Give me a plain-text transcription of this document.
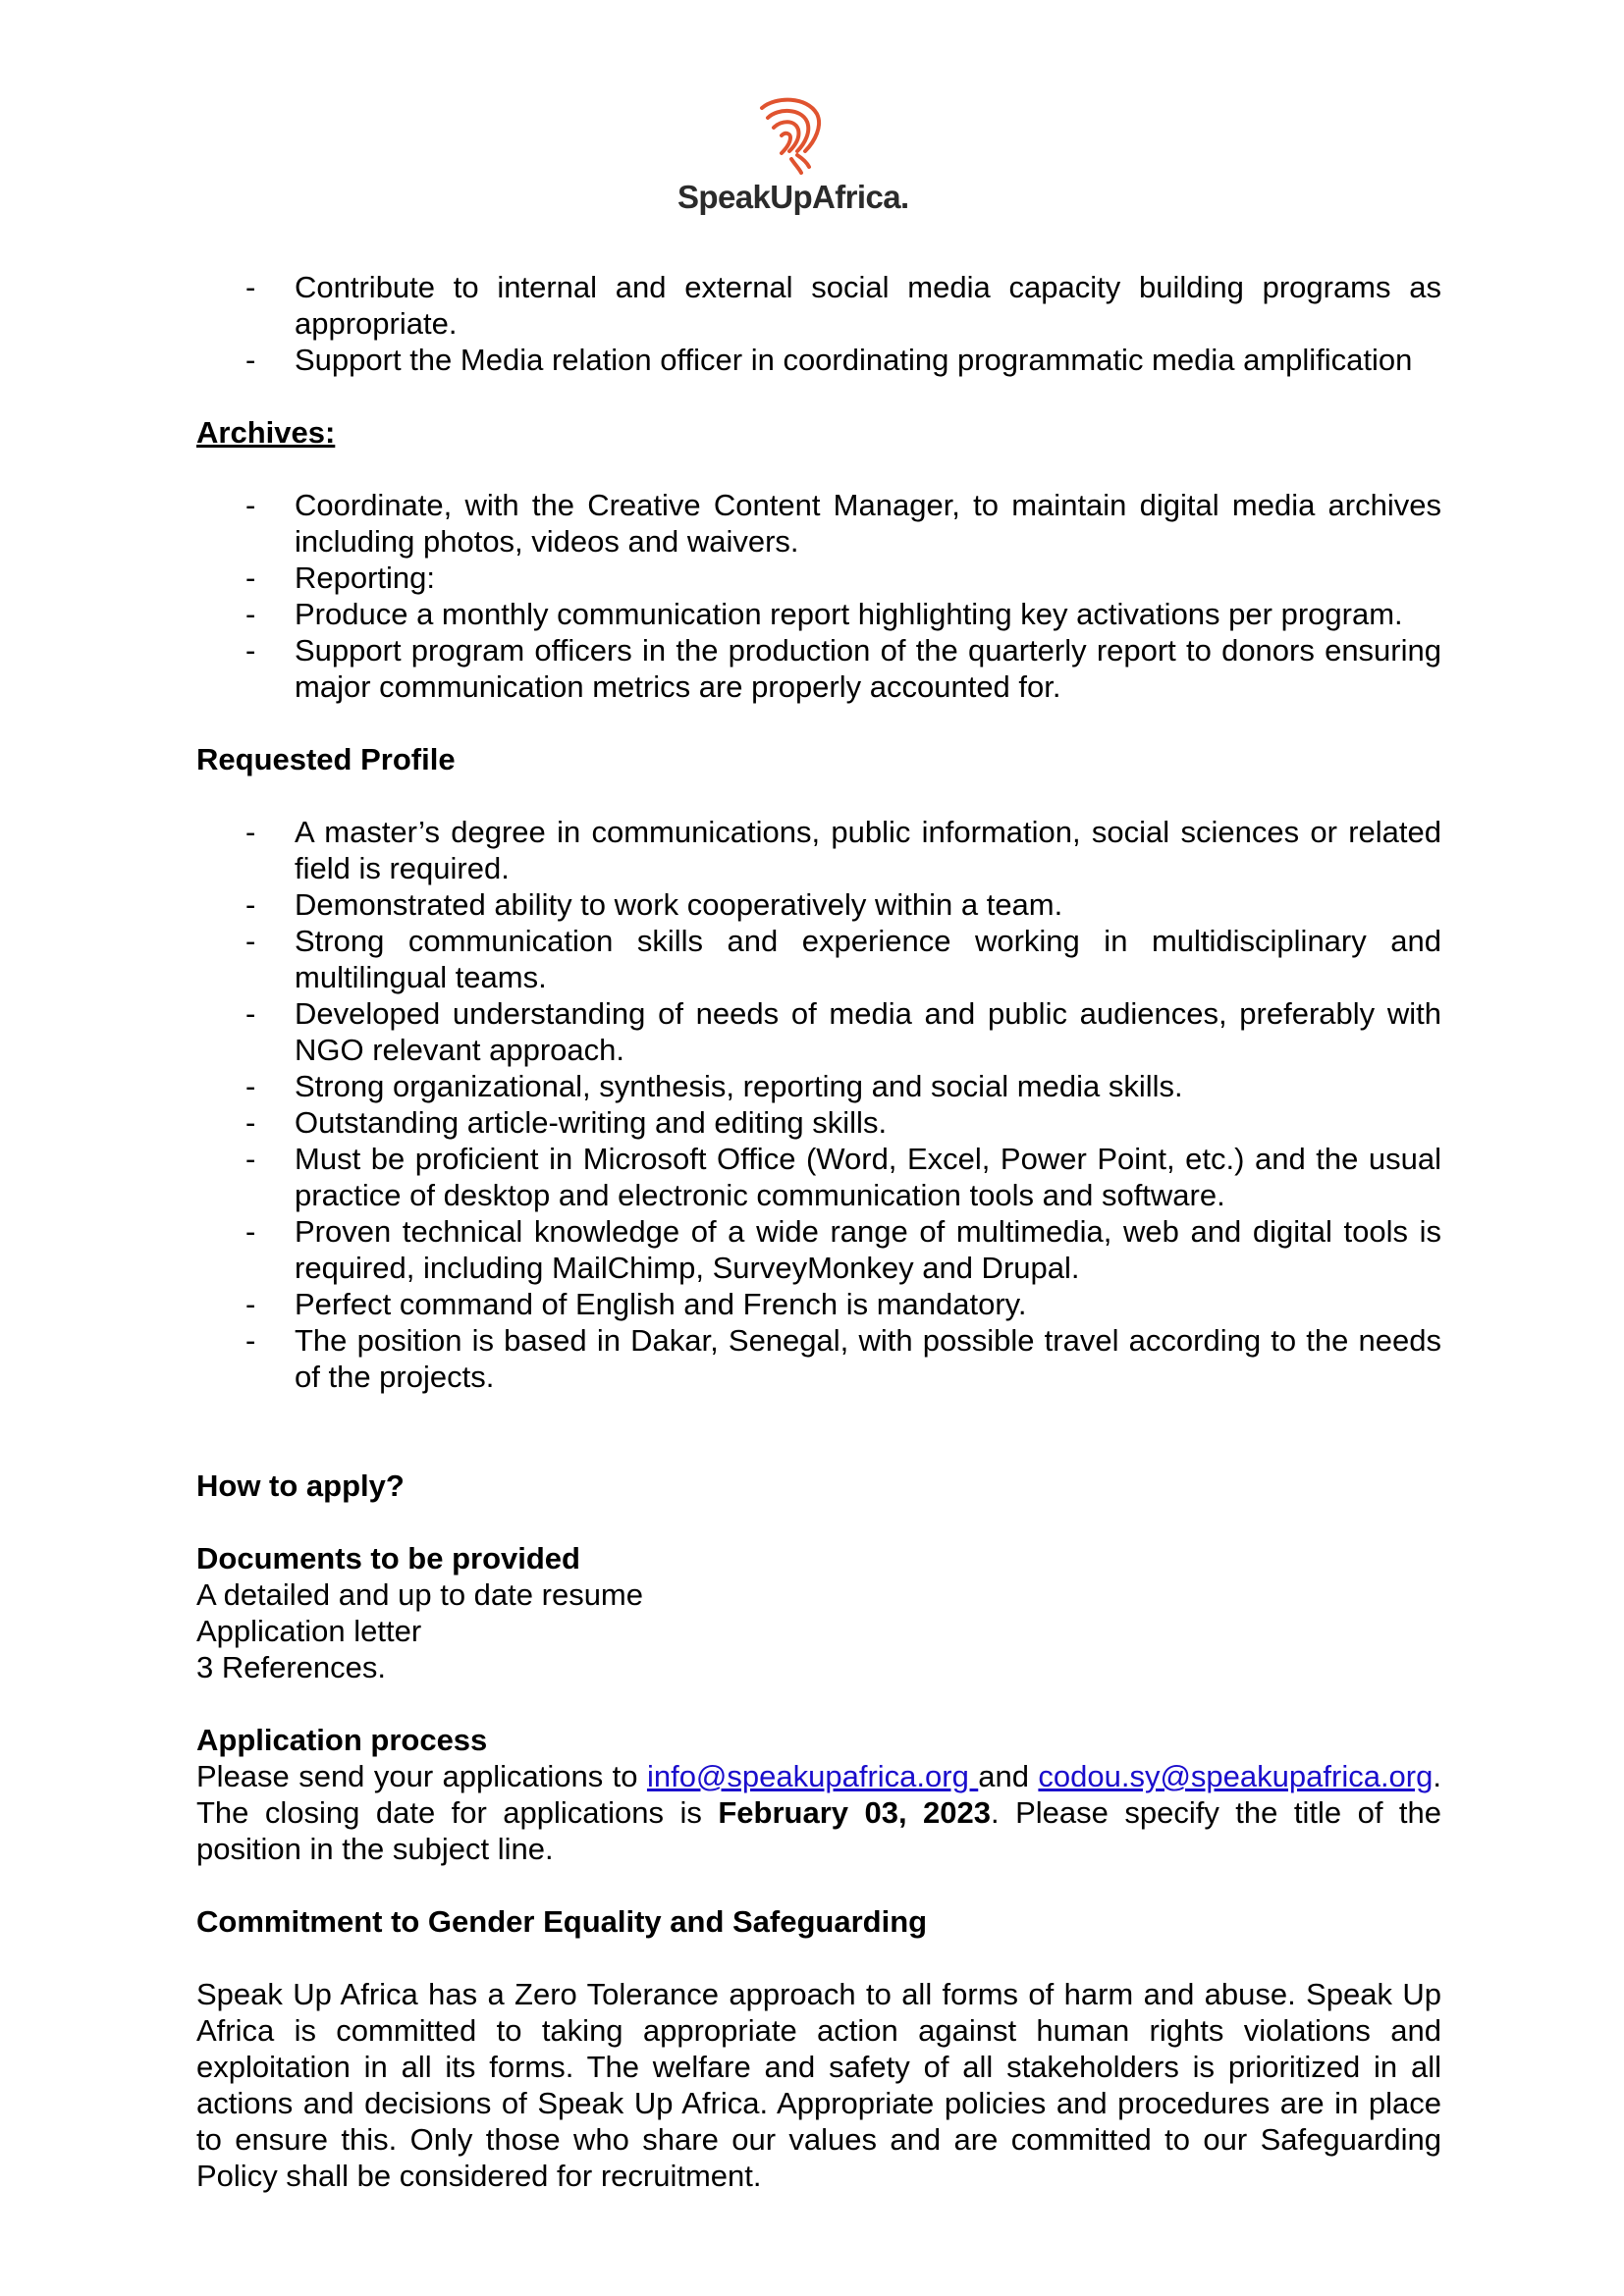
SpeakUpAfrica.
- Contribute to internal and external social media capacity building programs as appropriate.
- Support the Media relation officer in coordinating programmatic media amplification

Archives:

- Coordinate, with the Creative Content Manager, to maintain digital media archives including photos, videos and waivers.
- Reporting:
- Produce a monthly communication report highlighting key activations per program.
- Support program officers in the production of the quarterly report to donors ensuring major communication metrics are properly accounted for.

Requested Profile

- A master’s degree in communications, public information, social sciences or related field is required.
- Demonstrated ability to work cooperatively within a team.
- Strong communication skills and experience working in multidisciplinary and multilingual teams.
- Developed understanding of needs of media and public audiences, preferably with NGO relevant approach.
- Strong organizational, synthesis, reporting and social media skills.
- Outstanding article-writing and editing skills.
- Must be proficient in Microsoft Office (Word, Excel, Power Point, etc.) and the usual practice of desktop and electronic communication tools and software.
- Proven technical knowledge of a wide range of multimedia, web and digital tools is required, including MailChimp, SurveyMonkey and Drupal.
- Perfect command of English and French is mandatory.
- The position is based in Dakar, Senegal, with possible travel according to the needs of the projects.

How to apply?

Documents to be provided

A detailed and up to date resume

Application letter

3 References.

Application process

Please send your applications to info@speakupafrica.org and codou.sy@speakupafrica.org. The closing date for applications is February 03, 2023. Please specify the title of the position in the subject line.

Commitment to Gender Equality and Safeguarding

Speak Up Africa has a Zero Tolerance approach to all forms of harm and abuse. Speak Up Africa is committed to taking appropriate action against human rights violations and exploitation in all its forms. The welfare and safety of all stakeholders is prioritized in all actions and decisions of Speak Up Africa. Appropriate policies and procedures are in place to ensure this. Only those who share our values and are committed to our Safeguarding Policy shall be considered for recruitment.
